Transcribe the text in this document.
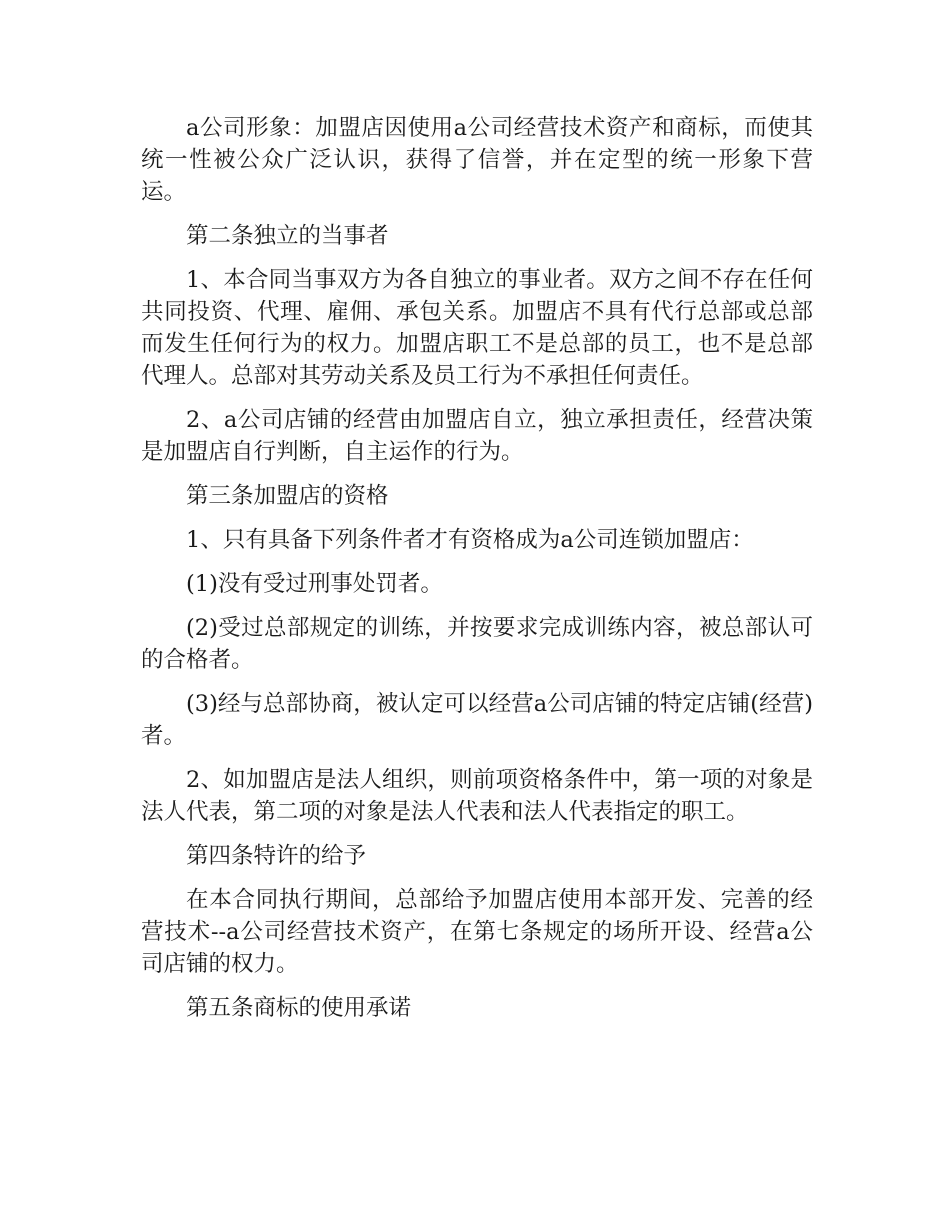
a公司形象：加盟店因使用a公司经营技术资产和商标，而使其统一性被公众广泛认识，获得了信誉，并在定型的统一形象下营运。

第二条独立的当事者

1、本合同当事双方为各自独立的事业者。双方之间不存在任何共同投资、代理、雇佣、承包关系。加盟店不具有代行总部或总部而发生任何行为的权力。加盟店职工不是总部的员工，也不是总部代理人。总部对其劳动关系及员工行为不承担任何责任。

2、a公司店铺的经营由加盟店自立，独立承担责任，经营决策是加盟店自行判断，自主运作的行为。

第三条加盟店的资格

1、只有具备下列条件者才有资格成为a公司连锁加盟店：

(1)没有受过刑事处罚者。

(2)受过总部规定的训练，并按要求完成训练内容，被总部认可的合格者。

(3)经与总部协商，被认定可以经营a公司店铺的特定店铺(经营)者。

2、如加盟店是法人组织，则前项资格条件中，第一项的对象是法人代表，第二项的对象是法人代表和法人代表指定的职工。

第四条特许的给予

在本合同执行期间，总部给予加盟店使用本部开发、完善的经营技术--a公司经营技术资产，在第七条规定的场所开设、经营a公司店铺的权力。

第五条商标的使用承诺
